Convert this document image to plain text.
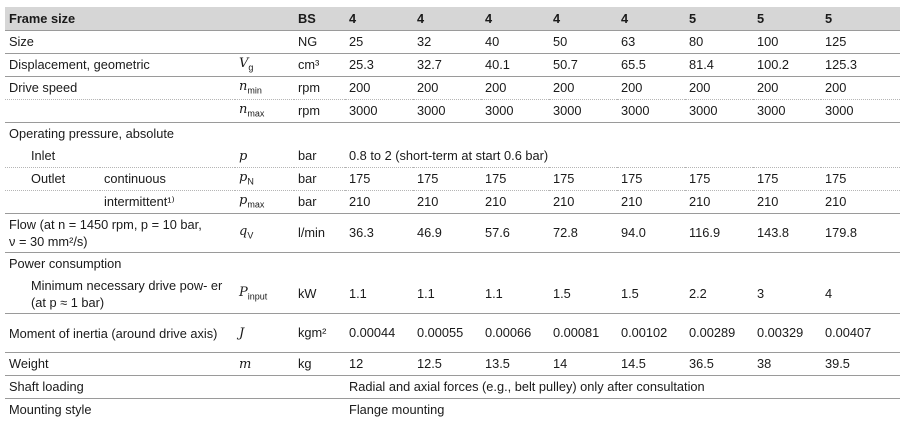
Frame size			BS	4	4	4	4	4	5	5	5
Size			NG	25	32	40	50	63	80	100	125
Displacement, geometric		$V_g$	cm³	25.3	32.7	40.1	50.7	65.5	81.4	100.2	125.3
Drive speed		$n_{min}$	rpm	200	200	200	200	200	200	200	200
		$n_{max}$	rpm	3000	3000	3000	3000	3000	3000	3000	3000
Operating pressure, absolute											
Inlet		p	bar	0.8 to 2 (short-term at start 0.6 bar)							
Outlet	continuous	$p_N$	bar	175	175	175	175	175	175	175	175
	intermittent¹⁾	$p_{max}$	bar	210	210	210	210	210	210	210	210
Flow (at n = 1450 rpm, p = 10 bar,
ν = 30 mm²/s)		$q_V$	l/min	36.3	46.9	57.6	72.8	94.0	116.9	143.8	179.8
Power consumption											
Minimum necessary drive pow- er (at p ≈ 1 bar)		$P_{input}$	kW	1.1	1.1	1.1	1.5	1.5	2.2	3	4
Moment of inertia (around drive axis)		J	kgm²	0.00044	0.00055	0.00066	0.00081	0.00102	0.00289	0.00329	0.00407
Weight		m	kg	12	12.5	13.5	14	14.5	36.5	38	39.5
Shaft loading				Radial and axial forces (e.g., belt pulley) only after consultation							
Mounting style				Flange mounting							
